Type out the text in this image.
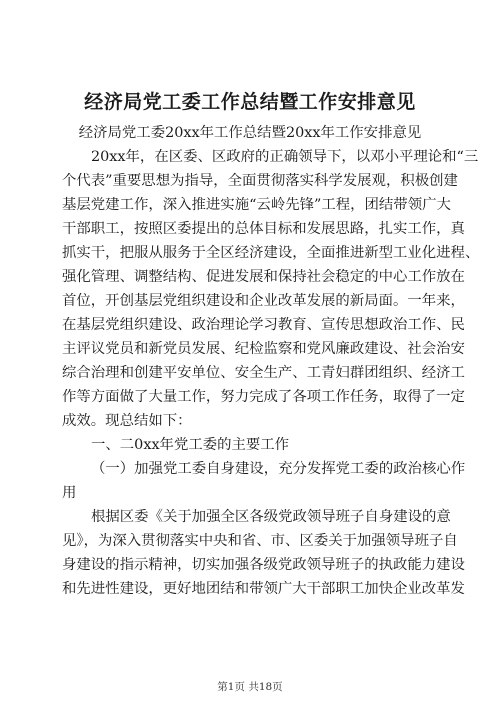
经济局党工委工作总结暨工作安排意见
经济局党工委20xx年工作总结暨20xx年工作安排意见
20xx年，在区委、区政府的正确领导下，以邓小平理论和“三
个代表”重要思想为指导，全面贯彻落实科学发展观，积极创建
基层党建工作，深入推进实施“云岭先锋”工程，团结带领广大
干部职工，按照区委提出的总体目标和发展思路，扎实工作，真
抓实干，把服从服务于全区经济建设，全面推进新型工业化进程、
强化管理、调整结构、促进发展和保持社会稳定的中心工作放在
首位，开创基层党组织建设和企业改革发展的新局面。一年来，
在基层党组织建设、政治理论学习教育、宣传思想政治工作、民
主评议党员和新党员发展、纪检监察和党风廉政建设、社会治安
综合治理和创建平安单位、安全生产、工青妇群团组织、经济工
作等方面做了大量工作，努力完成了各项工作任务，取得了一定
成效。现总结如下：
一、二0xx年党工委的主要工作
（一）加强党工委自身建设，充分发挥党工委的政治核心作
用
根据区委《关于加强全区各级党政领导班子自身建设的意
见》，为深入贯彻落实中央和省、市、区委关于加强领导班子自
身建设的指示精神，切实加强各级党政领导班子的执政能力建设
和先进性建设，更好地团结和带领广大干部职工加快企业改革发
第1页 共18页
